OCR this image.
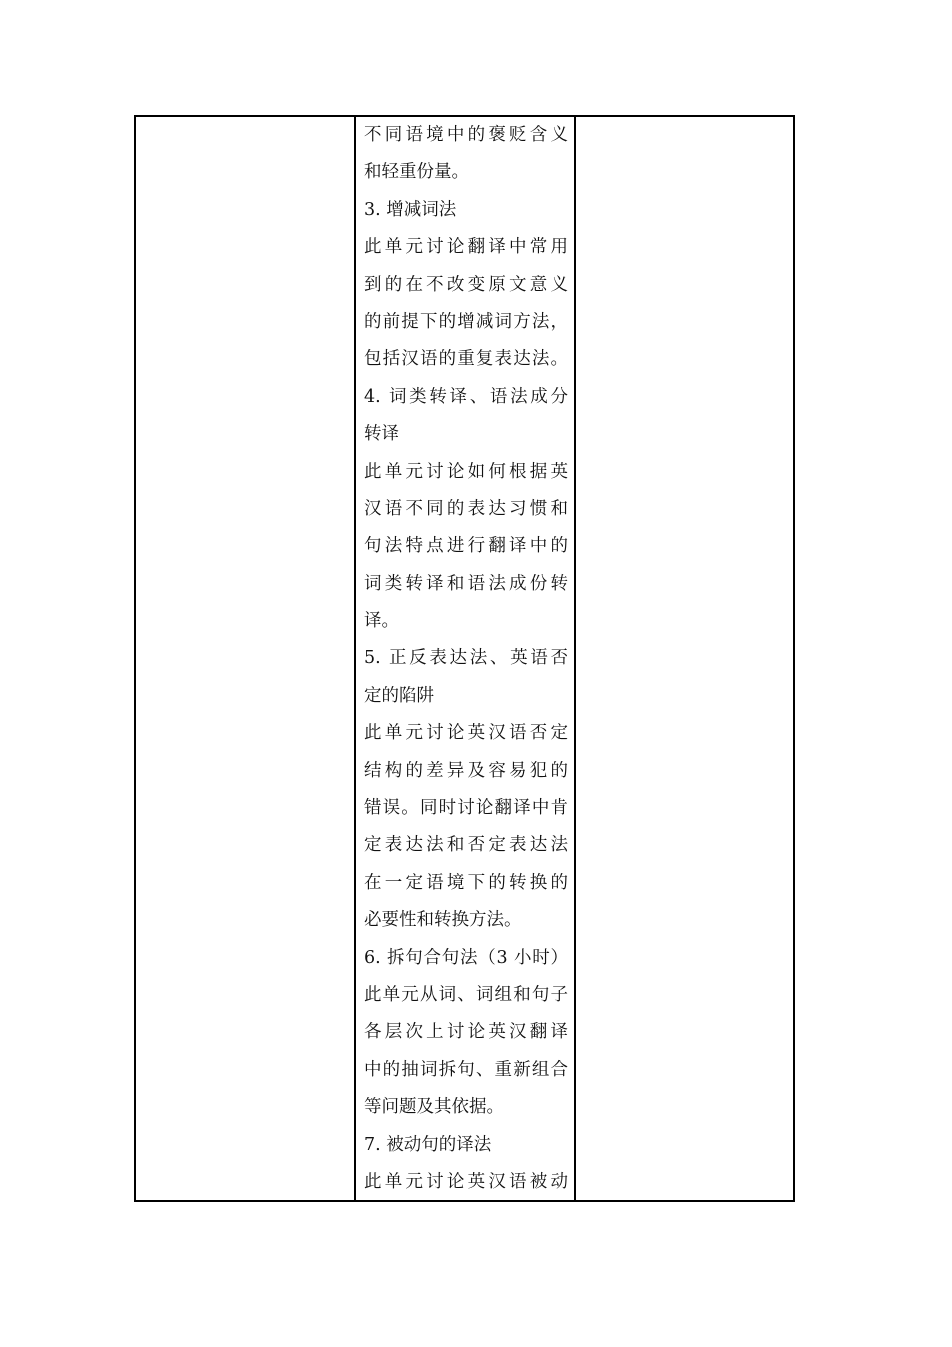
不同语境中的褒贬含义
和轻重份量。
3. 增减词法
此单元讨论翻译中常用
到的在不改变原文意义
的前提下的增减词方法，
包括汉语的重复表达法。
4. 词类转译、语法成分
转译
此单元讨论如何根据英
汉语不同的表达习惯和
句法特点进行翻译中的
词类转译和语法成份转
译。
5. 正反表达法、英语否
定的陷阱
此单元讨论英汉语否定
结构的差异及容易犯的
错误。同时讨论翻译中肯
定表达法和否定表达法
在一定语境下的转换的
必要性和转换方法。
6. 拆句合句法（3 小时）
此单元从词、词组和句子
各层次上讨论英汉翻译
中的抽词拆句、重新组合
等问题及其依据。
7. 被动句的译法
此单元讨论英汉语被动
